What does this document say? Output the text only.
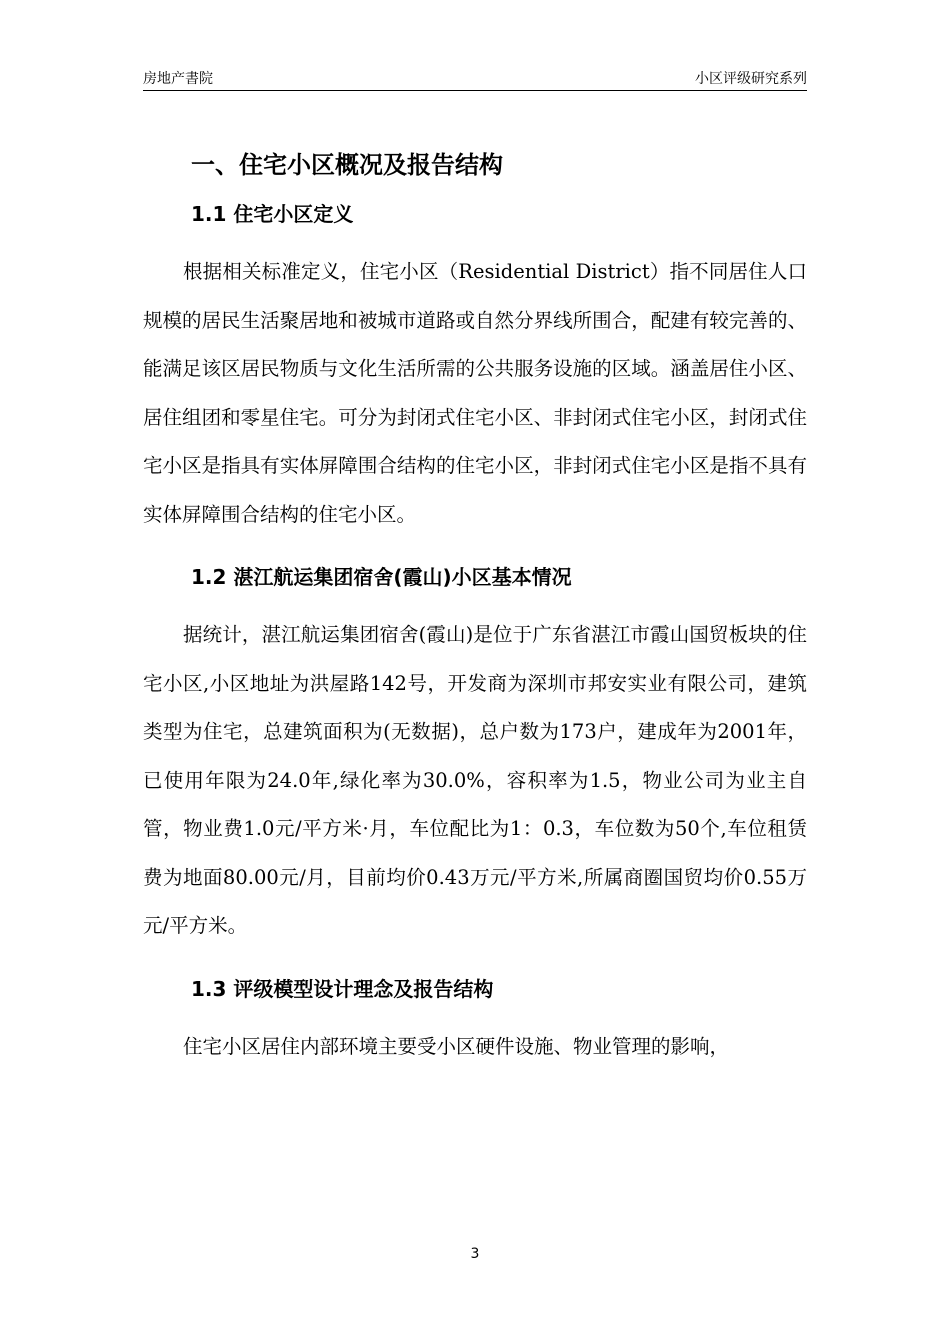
房地产書院	小区评级研究系列
一、住宅小区概况及报告结构
1.1 住宅小区定义

根据相关标准定义，住宅小区（Residential District）指不同居住人口规模的居民生活聚居地和被城市道路或自然分界线所围合，配建有较完善的、能满足该区居民物质与文化生活所需的公共服务设施的区域。涵盖居住小区、居住组团和零星住宅。可分为封闭式住宅小区、非封闭式住宅小区，封闭式住宅小区是指具有实体屏障围合结构的住宅小区，非封闭式住宅小区是指不具有实体屏障围合结构的住宅小区。

1.2 湛江航运集团宿舍(霞山)小区基本情况

据统计，湛江航运集团宿舍(霞山)是位于广东省湛江市霞山国贸板块的住宅小区,小区地址为洪屋路142号，开发商为深圳市邦安实业有限公司，建筑类型为住宅，总建筑面积为(无数据)，总户数为173户，建成年为2001年，已使用年限为24.0年,绿化率为30.0%，容积率为1.5，物业公司为业主自管，物业费1.0元/平方米·月，车位配比为1：0.3，车位数为50个,车位租赁费为地面80.00元/月，目前均价0.43万元/平方米,所属商圈国贸均价0.55万元/平方米。

1.3 评级模型设计理念及报告结构

住宅小区居住内部环境主要受小区硬件设施、物业管理的影响，

3
